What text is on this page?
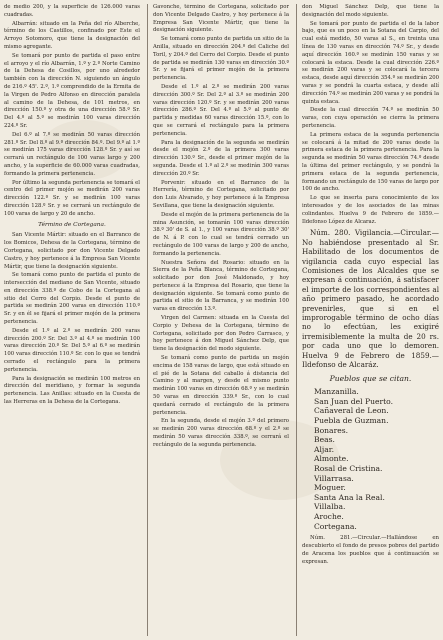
de medio 200, y la superficie de 126.000 varas cuadradas.

Albarrán: situado en la Peña del río Alberche, término de los Castillos, confinado por Este el Arroyo Sotomoro, que tiene la designación del mismo agregante.

Se tomará por punto de partida el paso entre el arroyo y el río Albarrán, 1.º y 2.º Norte Camino de la Dehesa de Cosillos, por uno alrededor también con la dirección N. siguiendo un ángulo de 216.º 45'. 2.º, 1.º comprendido de la Ermita de la Virgen de Pedro Alfonso en dirección paralela al camino de la Dehesa, de 101 metros, en dirección 150.º y otra de una dirección 58.º Sr. Del 4.º al 5.º se medirán 100 varas dirección 224.º Sr.

Del 6.º al 7.º se medirán 50 varas dirección 281.º Sr. Del 8.º al 9.º dirección 84.º. Del 9.º al 1.º se medirán 175 varas dirección 128.º Sr. y así se cerrará un rectángulo de 100 varas largo y 200 ancho, y la superficie de 60.000 varas cuadradas, formando la primera pertenencia.

Por último la segunda pertenencia se tomará el centro del primer mojón se medirán 200 varas dirección 122.º Sr. y se medirán 100 varas dirección 128.º Sr. y se cerrará un rectángulo de 100 varas de largo y 20 de ancho.

Término de Cortegana.

San Vicente Mártir: situado en el Barranco de los Bomicos, Dehesa de la Cortegana, término de Cortegana, solicitado por don Vicente Delgado Castro, y hoy pertenece á la Empresa San Vicente Mártir, que tiene la designación siguiente.

Se tomará como punto de partida el punto de intersección del mediano de San Vicente, situado en dirección 338.º de Cobo de la Cortegana al sitio del Cerro del Corpio. Desde el punto de partida se medirán 200 varas en dirección 110.º Sr. y en él se fijará el primer mojón de la primera pertenencia.

Desde el 1.º al 2.º se medirán 200 varas dirección 200.º Sr. Del 3.º al 4.º se medirán 100 varas dirección 20.º Sr. Del 5.º al 6.º se medirán 100 varas dirección 110.º Sr. con lo que se tendrá cerrado el rectángulo para la primera pertenencia.

Para la designación se medirán 100 metros en dirección del meridiano, y formar la segunda pertenencia. Las Anillas: situado en la Cuesta de las Herreras en la Dehesa de la Cortegana.

Gavonche, término de Cortegana, solicitado por don Vicente Delgado Castro, y hoy pertenece á la Empresa San Vicente Mártir, que tiene la designación siguiente.

Se tomará como punto de partida un sitio de la Anilla, situado en dirección 204.º del Caliche del Toril, y 204.º del Cerro del Corpio. Desde el punto de partida se medirán 130 varas en dirección 30.º Sr. y se fijará el primer mojón de la primera pertenencia.

Desde el 1.º al 2.º se medirán 200 varas dirección 300.º Sr. Del 2.º al 3.º se medirán 200 varas dirección 120.º Sr. y se medirán 200 varas dirección 286.º Sr. Del 4.º al 5.º al punto de partida y medidas 60 varas dirección 15.º, con lo que se cerrará el rectángulo para la primera pertenencia.

Para la designación de la segunda se medirán desde el mojón 2.º de la primera 300 varas dirección 130.º Sr., desde el primer mojón de la segunda. Desde el 1.º al 2.º se medirán 300 varas dirección 20.º Sr.

Porvenir: situado en el Barranco de la Herrería, término de Cortegana, solicitado por don Luis Alvarado, y hoy pertenece á la Empresa Sevillana, que tiene la designación siguiente.

Desde el mojón de la primera pertenencia de la mina Asunción, se tomarán 100 varas dirección 38.º 30' de S. al 1., y 100 varas dirección 38.º 30' de N. á P. con lo cual se tendrá cerrado un rectángulo de 100 varas de largo y 200 de ancho, formando la pertenencia.

Nuestra Señora del Rosario: situado en la Sierra de la Peña Blanca, término de Cortegana, solicitado por don José Maldonado, y hoy pertenece á la Empresa del Rosario, que tiene la designación siguiente. Se tomará como punto de partida el sitio de la Barranca, y se medirán 100 varas en dirección 13.º.

Virgen del Carmen: situada en la Cuesta del Corpio y Dehesa de la Cortegana, término de Cortegana, solicitado por don Pedro Carrasco, y hoy pertenece á don Miguel Sánchez Delp, que tiene la designación del modo siguiente.

Se tomará como punto de partida un mojón encima de 158 varas de largo, que está situado en el pié de la Sotana del caballo á distancia del Camino y al margen, y desde el mismo punto medirán 100 varas en dirección 68.º y se medirán 50 varas en dirección 339.º Sr., con lo cual quedará cerrado el rectángulo de la primera pertenencia.

En la segunda, desde el mojón 3.º del primero se medirán 200 varas dirección 68.º y el 2.º se medirán 50 varas dirección 338.º, se cerrará el rectángulo de la segunda pertenencia.

don Miguel Sánchez Delp, que tiene la designación del modo siguiente.

Se tomará por punto de partida el de la labor bajo, que es un poco en la Sotana del Carpio, del cual está medido, 50 varas al S., en treinta una línea de 130 varas en dirección 74.º Sr., y desde aquí dirección 160.º se medirán 150 varas y se colocará la estaca. Desde la cual dirección 226.º se medirán 200 varas y se colocará la tercera estaca, desde aquí dirección 354.º se medirán 200 varas y se pondrá la cuarta estaca, y desde allí dirección 74.º se medirán 200 varas y se pondrá la quinta estaca.

Desde la cual dirección 74.º se medirán 50 varas, con cuya operación se cierra la primera pertenencia.

La primera estaca de la segunda pertenencia se colocará á la mitad de 200 varas desde la primera estaca de la primera pertenencia. Para la segunda se medirán 50 varas dirección 74.º desde la última del primer rectángulo, y se pondrá la primera estaca de la segunda pertenencia, formando un rectángulo de 150 varas de largo por 100 de ancho.

Lo que se inserta para conocimiento de los interesados y de los asociados de las minas colindantes. Huelva 9 de Febrero de 1859.—Ildefonso López de Alcaraz.

Núm. 280. Vigilancia.—Circular.—No habiéndose presentado al Sr. Habilitado de los documentos de vigilancia cada cuyo especial las Comisiones de los Alcaldes que se expresan á continuación, á satisfacer el importe de los correspondientes al año primero pasado, he acordado prevenirles, que si en el improrogable término de ocho días no lo efectúan, les exigiré irremisiblemente la multa de 20 rs. por cada uno que lo demoren. Huelva 9 de Febrero de 1859.—Ildefonso de Alcaráz.

Pueblos que se citan.

Manzanilla.

San Juan del Puerto.

Cañaveral de Leon.

Puebla de Guzman.

Bonares.

Beas.

Aljar.

Almonte.

Rosal de Cristina.

Villarrasa.

Moguer.

Santa Ana la Real.

Villalba.

Aroche.

Cortegana.

Núm. 281.—Circular.—Hallándose en descubierto el fondo de presos pobres del partido de Aracena los pueblos que á continuación se expresan.
